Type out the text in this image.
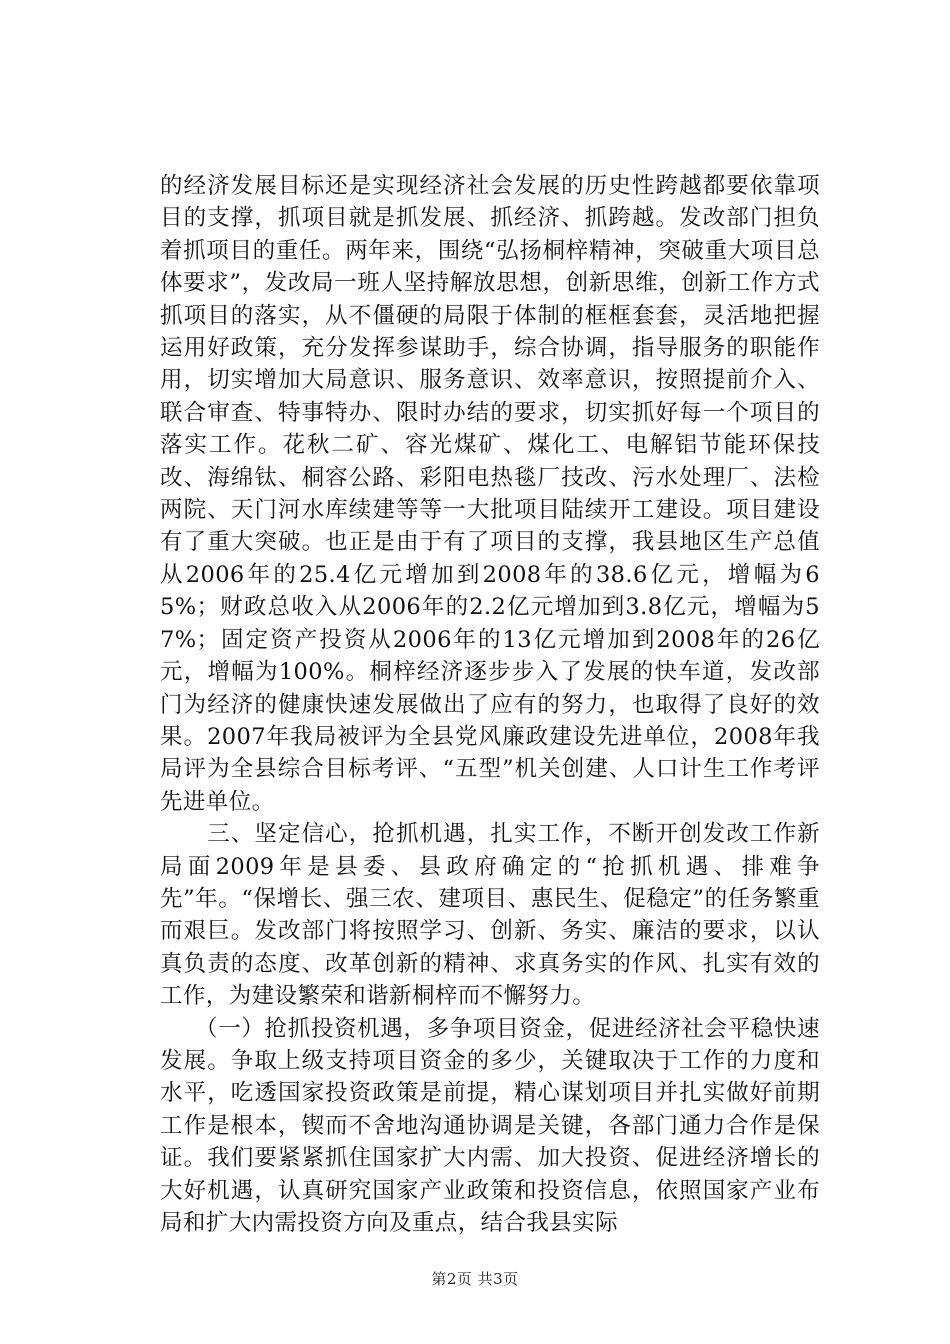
的经济发展目标还是实现经济社会发展的历史性跨越都要依靠项目的支撑，抓项目就是抓发展、抓经济、抓跨越。发改部门担负着抓项目的重任。两年来，围绕“弘扬桐梓精神，突破重大项目总体要求”，发改局一班人坚持解放思想，创新思维，创新工作方式抓项目的落实，从不僵硬的局限于体制的框框套套，灵活地把握运用好政策，充分发挥参谋助手，综合协调，指导服务的职能作用，切实增加大局意识、服务意识、效率意识，按照提前介入、联合审查、特事特办、限时办结的要求，切实抓好每一个项目的落实工作。花秋二矿、容光煤矿、煤化工、电解铝节能环保技改、海绵钛、桐容公路、彩阳电热毯厂技改、污水处理厂、法检两院、天门河水库续建等等一大批项目陆续开工建设。项目建设有了重大突破。也正是由于有了项目的支撑，我县地区生产总值从2006年的25.4亿元增加到2008年的38.6亿元，增幅为65%；财政总收入从2006年的2.2亿元增加到3.8亿元，增幅为57%；固定资产投资从2006年的13亿元增加到2008年的26亿元，增幅为100%。桐梓经济逐步步入了发展的快车道，发改部门为经济的健康快速发展做出了应有的努力，也取得了良好的效果。2007年我局被评为全县党风廉政建设先进单位，2008年我局评为全县综合目标考评、“五型”机关创建、人口计生工作考评先进单位。

　　三、坚定信心，抢抓机遇，扎实工作，不断开创发改工作新局面2009年是县委、县政府确定的“抢抓机遇、排难争先”年。“保增长、强三农、建项目、惠民生、促稳定”的任务繁重而艰巨。发改部门将按照学习、创新、务实、廉洁的要求，以认真负责的态度、改革创新的精神、求真务实的作风、扎实有效的工作，为建设繁荣和谐新桐梓而不懈努力。

　　（一）抢抓投资机遇，多争项目资金，促进经济社会平稳快速发展。争取上级支持项目资金的多少，关键取决于工作的力度和水平，吃透国家投资政策是前提，精心谋划项目并扎实做好前期工作是根本，锲而不舍地沟通协调是关键，各部门通力合作是保证。我们要紧紧抓住国家扩大内需、加大投资、促进经济增长的大好机遇，认真研究国家产业政策和投资信息，依照国家产业布局和扩大内需投资方向及重点，结合我县实际

第2页 共3页
